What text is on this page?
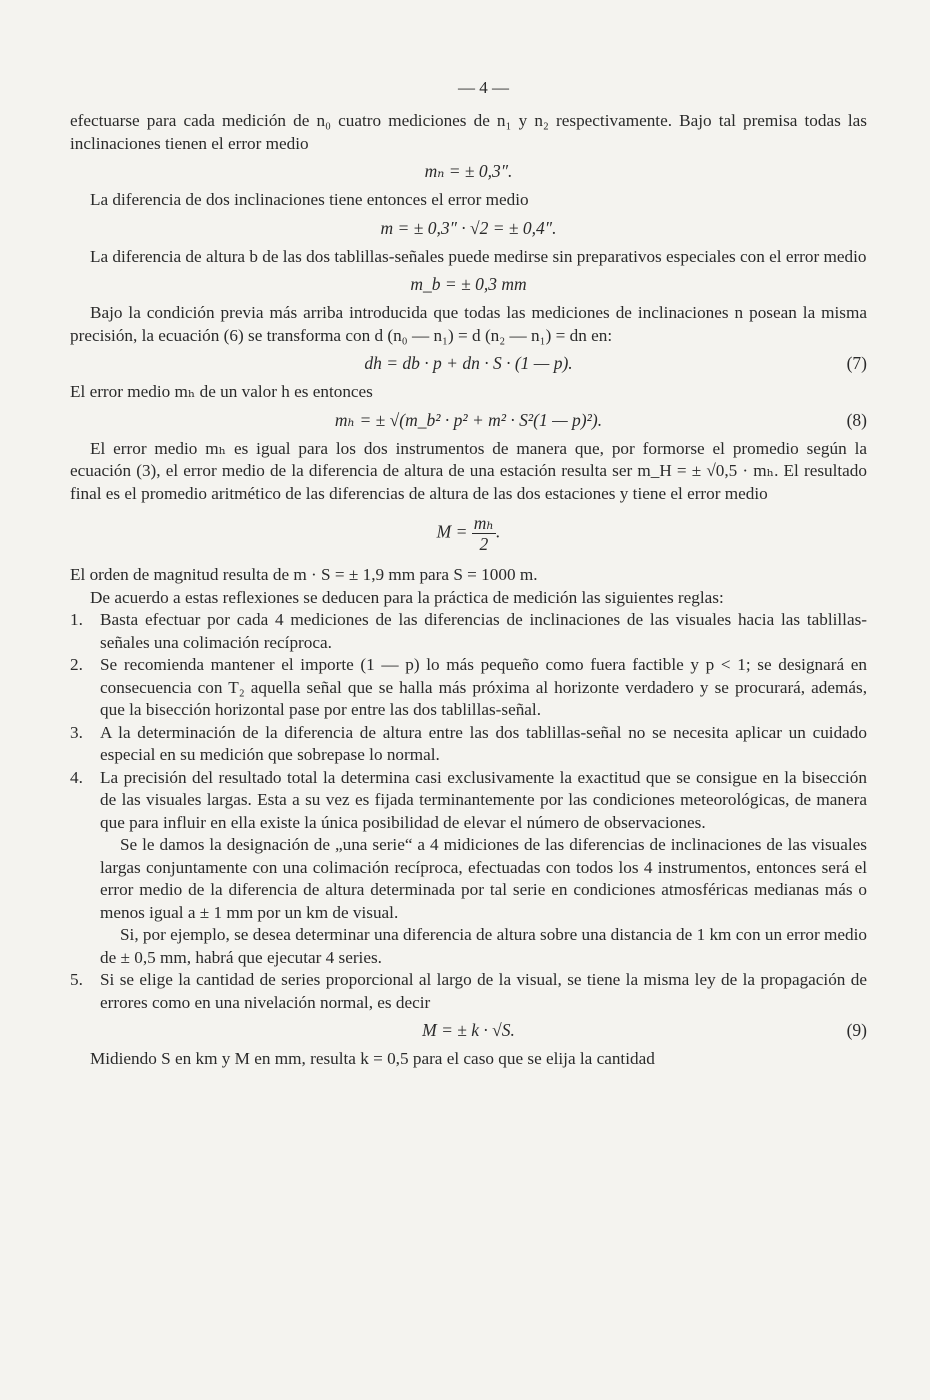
— 4 —

efectuarse para cada medición de n₀ cuatro mediciones de n₁ y n₂ respectivamente. Bajo tal premisa todas las inclinaciones tienen el error medio

mₙ = ± 0,3″.

La diferencia de dos inclinaciones tiene entonces el error medio

m = ± 0,3″ · √2 = ± 0,4″.

La diferencia de altura b de las dos tablillas-señales puede medirse sin preparativos especiales con el error medio

m_b = ± 0,3 mm

Bajo la condición previa más arriba introducida que todas las mediciones de inclinaciones n posean la misma precisión, la ecuación (6) se transforma con d (n₀ — n₁) = d (n₂ — n₁) = dn en:

dh = db · p + dn · S · (1 — p).	(7)

El error medio mₕ de un valor h es entonces

mₕ = ± √(m_b² · p² + m² · S²(1 — p)²).	(8)

El error medio mₕ es igual para los dos instrumentos de manera que, por formorse el promedio según la ecuación (3), el error medio de la diferencia de altura de una estación resulta ser m_H = ± √0,5 · mₕ. El resultado final es el promedio aritmético de las diferencias de altura de las dos estaciones y tiene el error medio

$M = \frac{\text{mₕ}}{2}$ .

El orden de magnitud resulta de m · S = ± 1,9 mm para S = 1000 m.

De acuerdo a estas reflexiones se deducen para la práctica de medición las siguientes reglas:

1. Basta efectuar por cada 4 mediciones de las diferencias de inclinaciones de las visuales hacia las tablillas-señales una colimación recíproca.
2. Se recomienda mantener el importe (1 — p) lo más pequeño como fuera factible y p < 1; se designará en consecuencia con T₂ aquella señal que se halla más próxima al horizonte verdadero y se procurará, además, que la bisección horizontal pase por entre las dos tablillas-señal.
3. A la determinación de la diferencia de altura entre las dos tablillas-señal no se necesita aplicar un cuidado especial en su medición que sobrepase lo normal.
4. La precisión del resultado total la determina casi exclusivamente la exactitud que se consigue en la bisección de las visuales largas. Esta a su vez es fijada terminantemente por las condiciones meteorológicas, de manera que para influir en ella existe la única posibilidad de elevar el número de observaciones.

Se le damos la designación de „una serie“ a 4 midiciones de las diferencias de inclinaciones de las visuales largas conjuntamente con una colimación recíproca, efectuadas con todos los 4 instrumentos, entonces será el error medio de la diferencia de altura determinada por tal serie en condiciones atmosféricas medianas más o menos igual a ± 1 mm por un km de visual.

Si, por ejemplo, se desea determinar una diferencia de altura sobre una distancia de 1 km con un error medio de ± 0,5 mm, habrá que ejecutar 4 series.

5. Si se elige la cantidad de series proporcional al largo de la visual, se tiene la misma ley de la propagación de errores como en una nivelación normal, es decir
M = ± k · √S.	(9)

Midiendo S en km y M en mm, resulta k = 0,5 para el caso que se elija la cantidad
